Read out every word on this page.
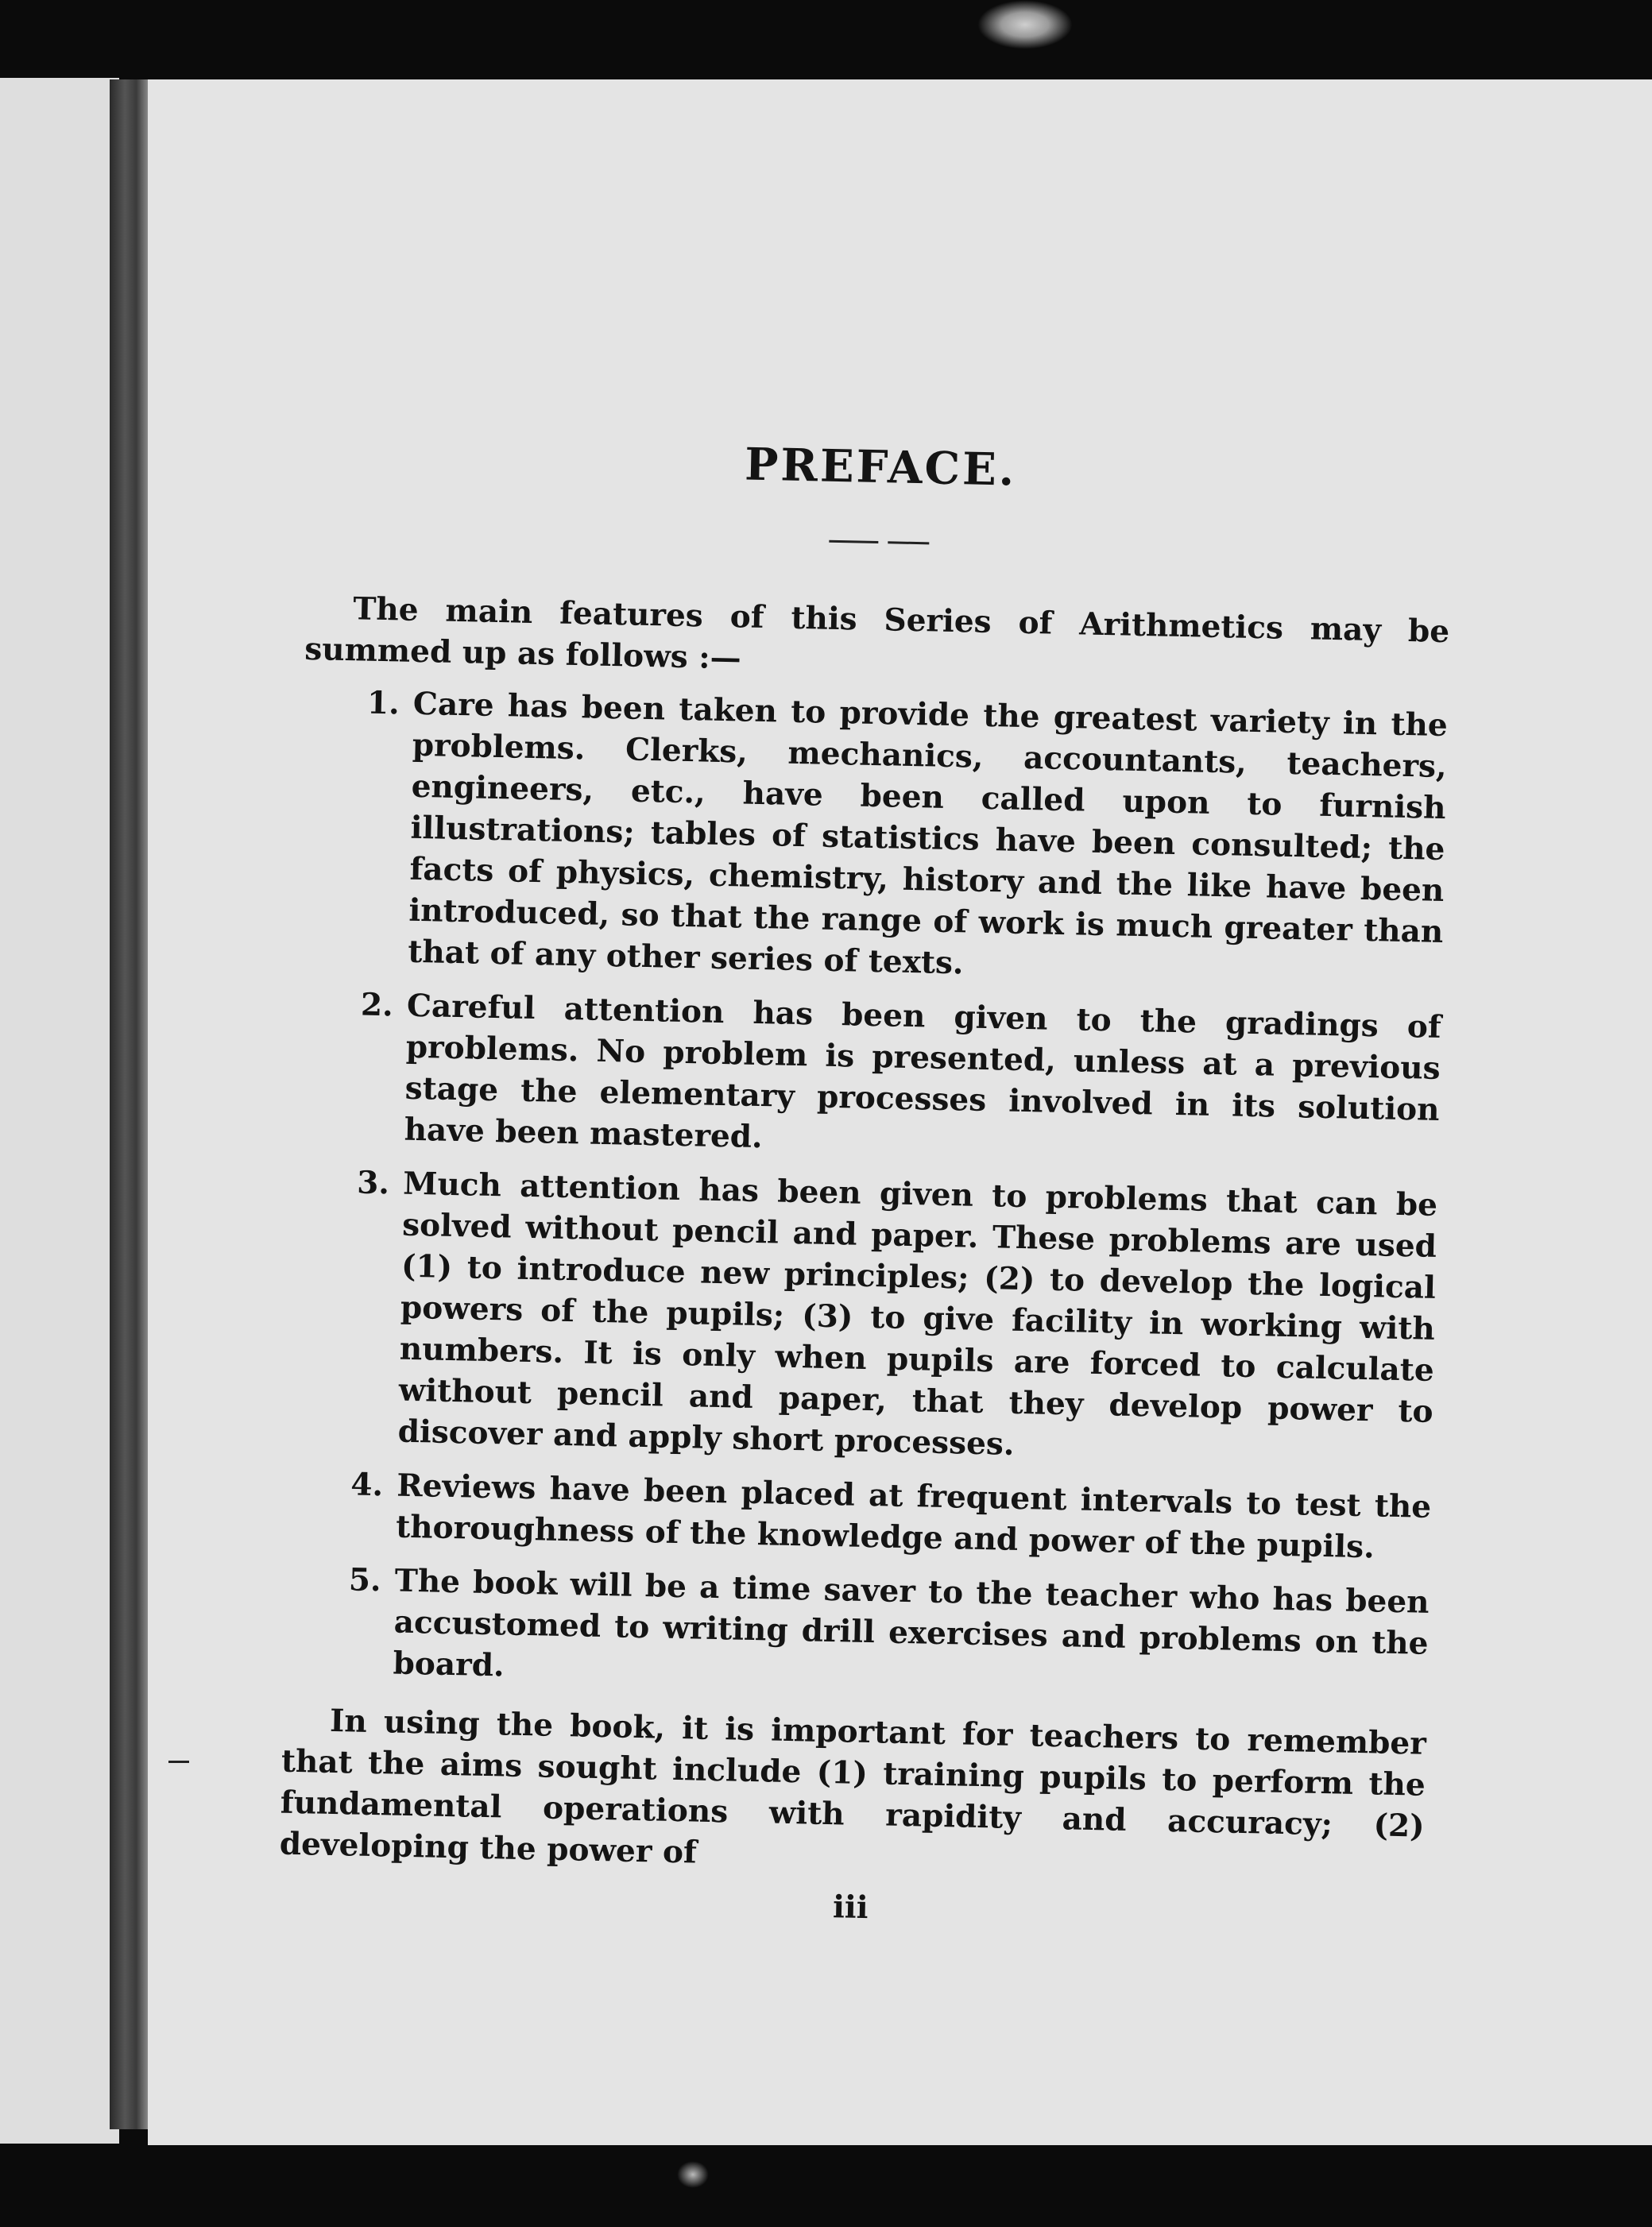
PREFACE.

The main features of this Series of Arithmetics may be summed up as follows :—

1. Care has been taken to provide the greatest variety in the problems. Clerks, mechanics, accountants, teachers, engineers, etc., have been called upon to furnish illustrations; tables of statistics have been consulted; the facts of physics, chemistry, history and the like have been introduced, so that the range of work is much greater than that of any other series of texts.

2. Careful attention has been given to the gradings of problems. No problem is presented, unless at a previous stage the elementary processes involved in its solution have been mastered.

3. Much attention has been given to problems that can be solved without pencil and paper. These problems are used (1) to introduce new principles; (2) to develop the logical powers of the pupils; (3) to give facility in working with numbers. It is only when pupils are forced to calculate without pencil and paper, that they develop power to discover and apply short processes.

4. Reviews have been placed at frequent intervals to test the thoroughness of the knowledge and power of the pupils.

5. The book will be a time saver to the teacher who has been accustomed to writing drill exercises and problems on the board.

In using the book, it is important for teachers to remember that the aims sought include (1) training pupils to perform the fundamental operations with rapidity and accuracy; (2) developing the power of

iii
